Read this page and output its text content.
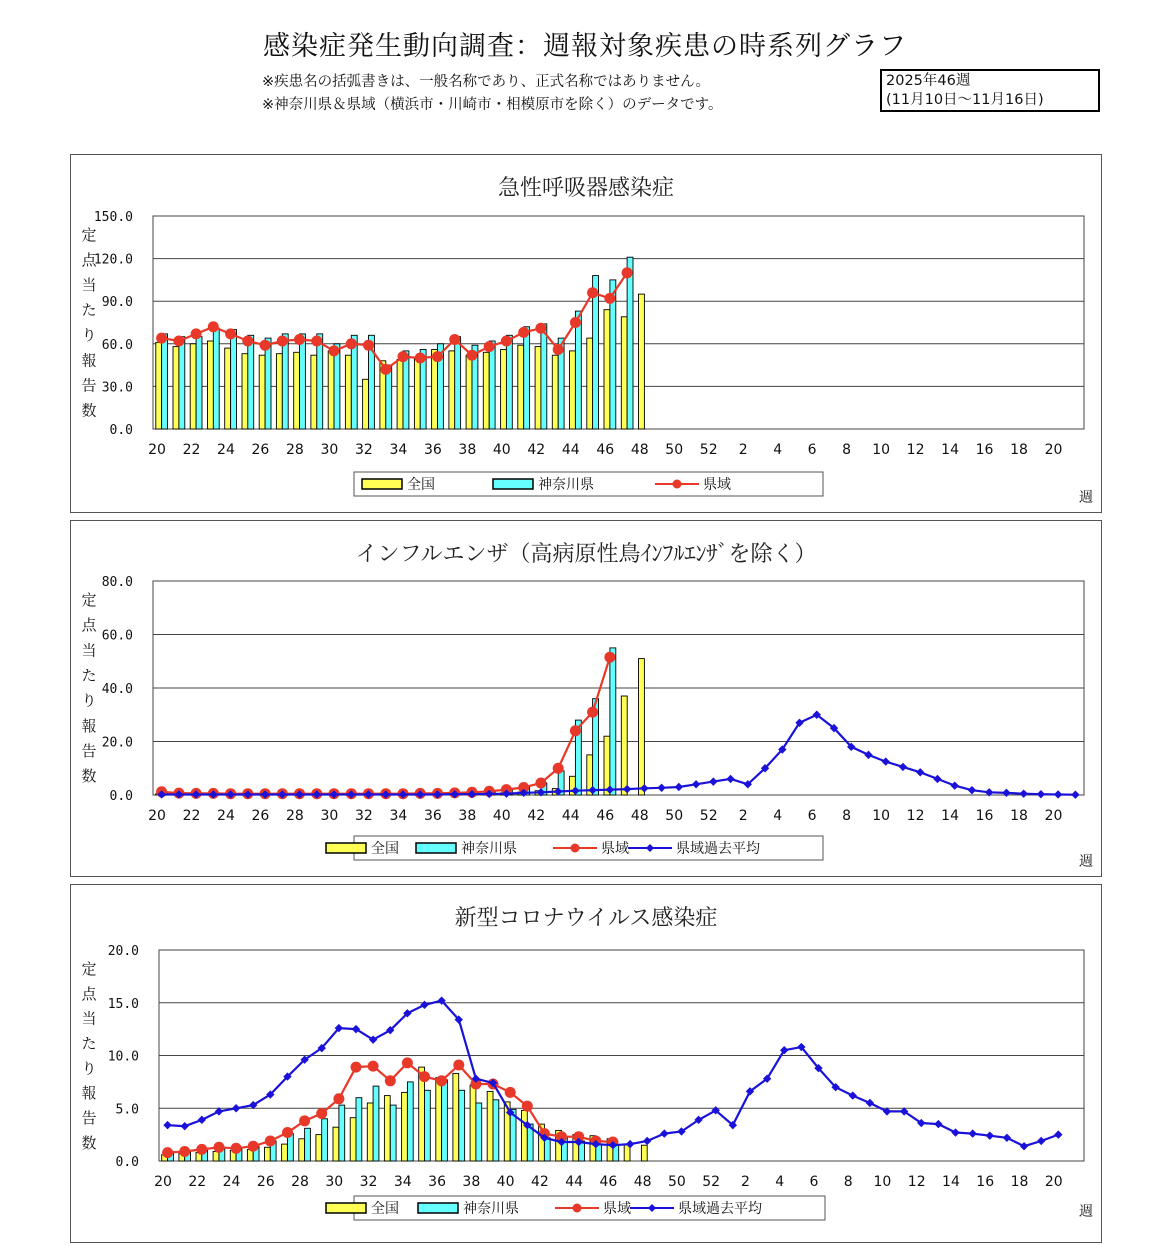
感染症発生動向調査：週報対象疾患の時系列グラフ
※疾患名の括弧書きは、一般名称であり、正式名称ではありません。
※神奈川県＆県域（横浜市・川崎市・相模原市を除く）のデータです。
2025年46週
(11月10日～11月16日)
急性呼吸器感染症
0.0
30.0
60.0
90.0
120.0
150.0
定
点
当
た
り
報
告
数
20 22 24 26 28 30 32 34 36 38 40 42 44 46 48 50 52 2 4 6 8 10 12 14 16 18 20
週
全国	神奈川県	県域
インフルエンザ（高病原性鳥ｲﾝﾌﾙｴﾝｻﾞを除く）
0.0
20.0
40.0
60.0
80.0
定
点
当
た
り
報
告
数
20 22 24 26 28 30 32 34 36 38 40 42 44 46 48 50 52 2 4 6 8 10 12 14 16 18 20
週
全国	神奈川県	県域	県域過去平均
新型コロナウイルス感染症
0.0
5.0
10.0
15.0
20.0
定
点
当
た
り
報
告
数
20 22 24 26 28 30 32 34 36 38 40 42 44 46 48 50 52 2 4 6 8 10 12 14 16 18 20
週
全国	神奈川県	県域	県域過去平均
